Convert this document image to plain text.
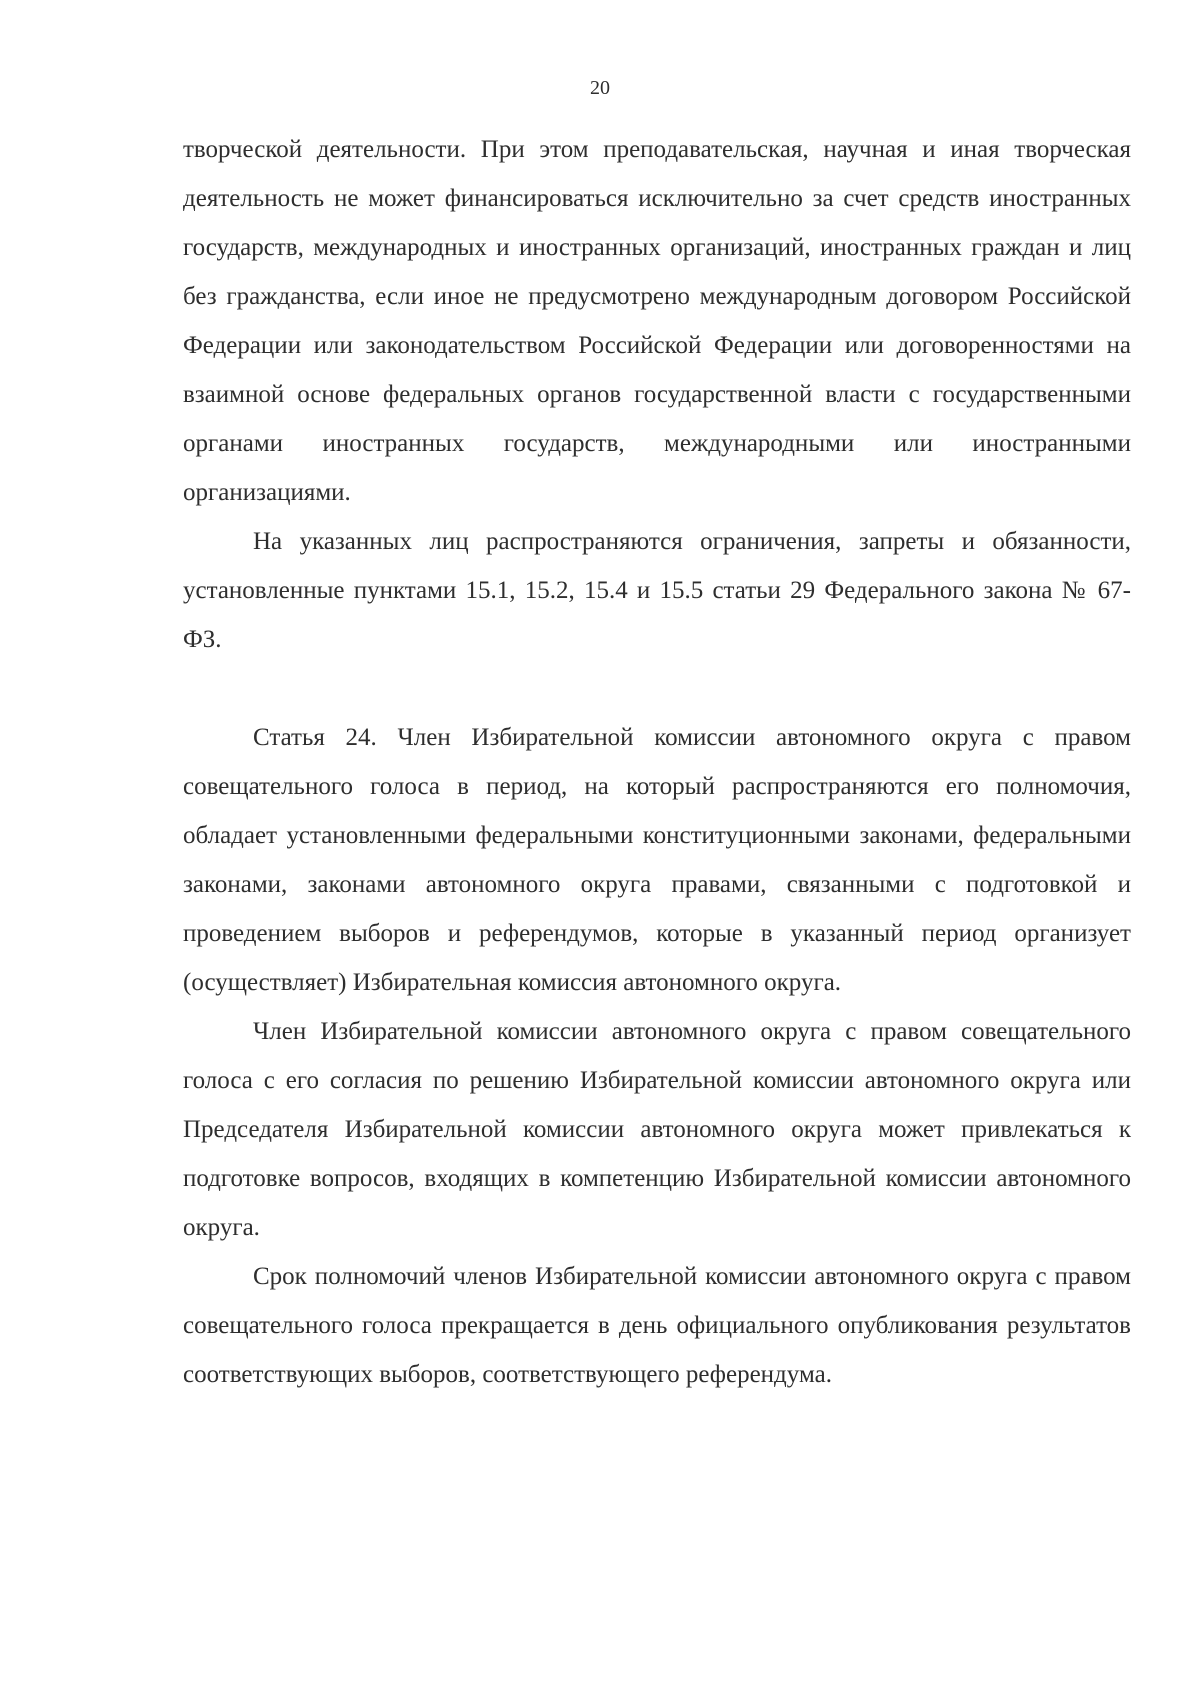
20

творческой деятельности. При этом преподавательская, научная и иная творческая деятельность не может финансироваться исключительно за счет средств иностранных государств, международных и иностранных организаций, иностранных граждан и лиц без гражданства, если иное не предусмотрено международным договором Российской Федерации или законодательством Российской Федерации или договоренностями на взаимной основе федеральных органов государственной власти с государственными органами иностранных государств, международными или иностранными организациями.

На указанных лиц распространяются ограничения, запреты и обязанности, установленные пунктами 15.1, 15.2, 15.4 и 15.5 статьи 29 Федерального закона № 67-ФЗ.

Статья 24. Член Избирательной комиссии автономного округа с правом совещательного голоса в период, на который распространяются его полномочия, обладает установленными федеральными конституционными законами, федеральными законами, законами автономного округа правами, связанными с подготовкой и проведением выборов и референдумов, которые в указанный период организует (осуществляет) Избирательная комиссия автономного округа.

Член Избирательной комиссии автономного округа с правом совещательного голоса с его согласия по решению Избирательной комиссии автономного округа или Председателя Избирательной комиссии автономного округа может привлекаться к подготовке вопросов, входящих в компетенцию Избирательной комиссии автономного округа.

Срок полномочий членов Избирательной комиссии автономного округа с правом совещательного голоса прекращается в день официального опубликования результатов соответствующих выборов, соответствующего референдума.
